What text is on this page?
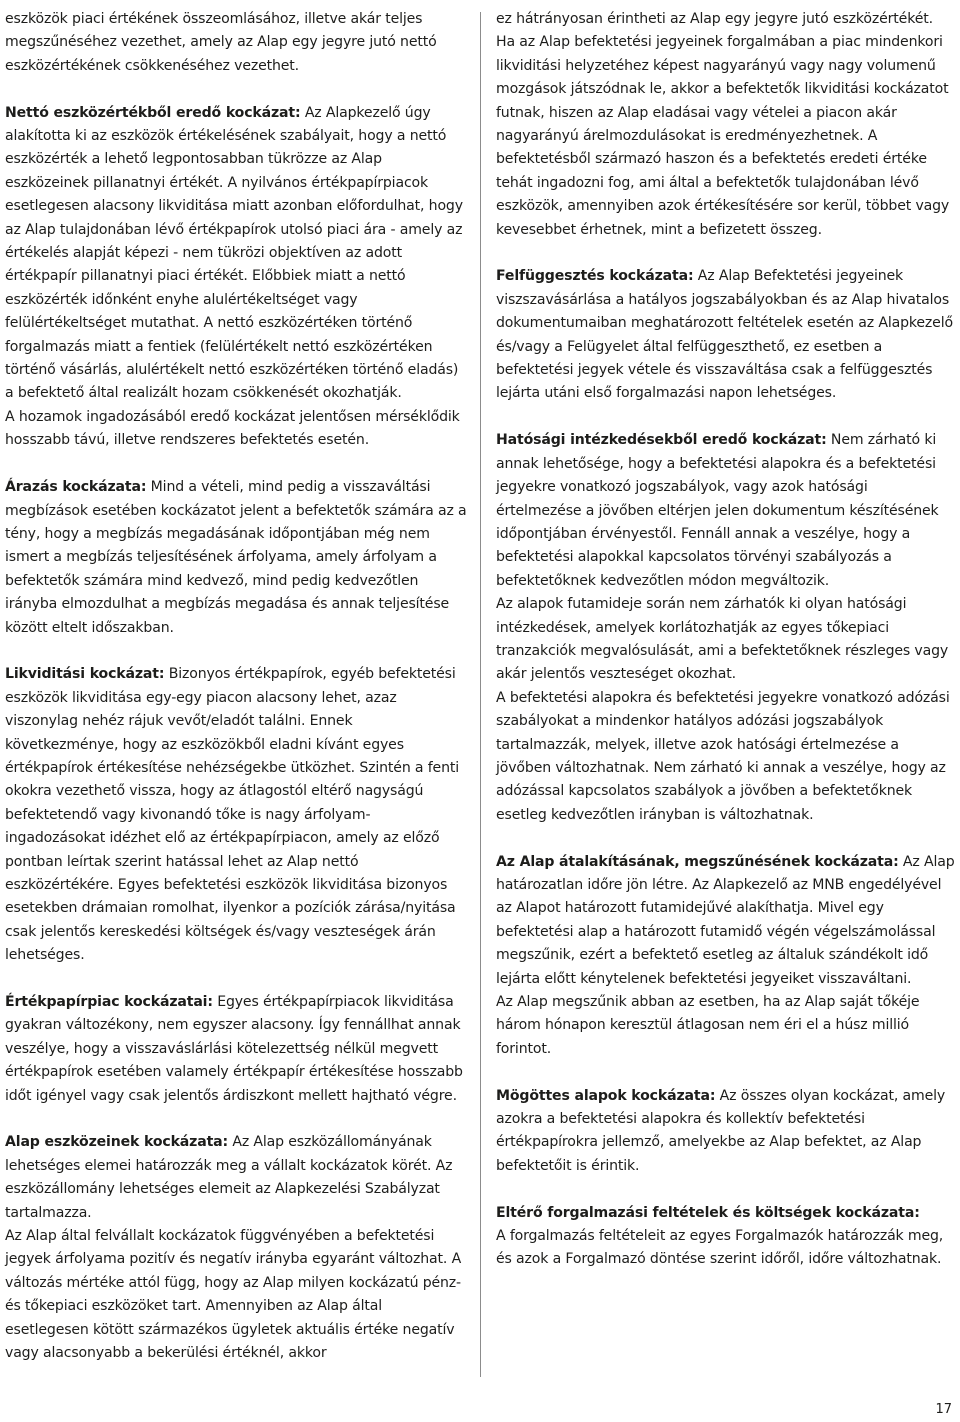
eszközök piaci értékének összeomlásához, illetve akár teljes megszűnéséhez vezethet, amely az Alap egy jegyre jutó nettó eszközértékének csökkenéséhez vezethet.

Nettó eszközértékből eredő kockázat: Az Alapkezelő úgy alakította ki az eszközök értékelésének szabályait, hogy a nettó eszközérték a lehető legpontosabban tükrözze az Alap eszközeinek pillanatnyi értékét. A nyilvános értékpapírpiacok esetlegesen alacsony likviditása miatt azonban előfordulhat, hogy az Alap tulajdonában lévő értékpapírok utolsó piaci ára - amely az értékelés alapját képezi - nem tükrözi objektíven az adott értékpapír pillanatnyi piaci értékét. Előbbiek miatt a nettó eszközérték időnként enyhe alulértékeltséget vagy felülértékeltséget mutathat. A nettó eszközértéken történő forgalmazás miatt a fentiek (felülértékelt nettó eszközértéken történő vásárlás, alulértékelt nettó eszközértéken történő eladás) a befektető által realizált hozam csökkenését okozhatják.

A hozamok ingadozásából eredő kockázat jelentősen mérséklődik hosszabb távú, illetve rendszeres befektetés esetén.

Árazás kockázata: Mind a vételi, mind pedig a visszaváltási megbízások esetében kockázatot jelent a befektetők számára az a tény, hogy a megbízás megadásának időpontjában még nem ismert a megbízás teljesítésének árfolyama, amely árfolyam a befektetők számára mind kedvező, mind pedig kedvezőtlen irányba elmozdulhat a megbízás megadása és annak teljesítése között eltelt időszakban.

Likviditási kockázat: Bizonyos értékpapírok, egyéb befektetési eszközök likviditása egy-egy piacon alacsony lehet, azaz viszonylag nehéz rájuk vevőt/eladót találni. Ennek következménye, hogy az eszközökből eladni kívánt egyes értékpapírok értékesítése nehézségekbe ütközhet. Szintén a fenti okokra vezethető vissza, hogy az átlagostól eltérő nagyságú befektetendő vagy kivonandó tőke is nagy árfolyam-ingadozásokat idézhet elő az értékpapírpiacon, amely az előző pontban leírtak szerint hatással lehet az Alap nettó eszközértékére. Egyes befektetési eszközök likviditása bizonyos esetekben drámaian romolhat, ilyenkor a pozíciók zárása/nyitása csak jelentős kereskedési költségek és/vagy veszteségek árán lehetséges.

Értékpapírpiac kockázatai: Egyes értékpapírpiacok likviditása gyakran változékony, nem egyszer alacsony. Így fennállhat annak veszélye, hogy a visszaváslárlási kötelezettség nélkül megvett értékpapírok esetében valamely értékpapír értékesítése hosszabb időt igényel vagy csak jelentős árdiszkont mellett hajtható végre.

Alap eszközeinek kockázata: Az Alap eszközállományának lehetséges elemei határozzák meg a vállalt kockázatok körét. Az eszközállomány lehetséges elemeit az Alapkezelési Szabályzat tartalmazza.

Az Alap által felvállalt kockázatok függvényében a befektetési jegyek árfolyama pozitív és negatív irányba egyaránt változhat. A változás mértéke attól függ, hogy az Alap milyen kockázatú pénz- és tőkepiaci eszközöket tart. Amennyiben az Alap által esetlegesen kötött származékos ügyletek aktuális értéke negatív vagy alacsonyabb a bekerülési értéknél, akkor

ez hátrányosan érintheti az Alap egy jegyre jutó eszközértékét. Ha az Alap befektetési jegyeinek forgalmában a piac mindenkori likviditási helyzetéhez képest nagyarányú vagy nagy volumenű mozgások játszódnak le, akkor a befektetők likviditási kockázatot futnak, hiszen az Alap eladásai vagy vételei a piacon akár nagyarányú árelmozdulásokat is eredményezhetnek. A befektetésből származó haszon és a befektetés eredeti értéke tehát ingadozni fog, ami által a befektetők tulajdonában lévő eszközök, amennyiben azok értékesítésére sor kerül, többet vagy kevesebbet érhetnek, mint a befizetett összeg.

Felfüggesztés kockázata: Az Alap Befektetési jegyeinek viszszavásárlása a hatályos jogszabályokban és az Alap hivatalos dokumentumaiban meghatározott feltételek esetén az Alapkezelő és/vagy a Felügyelet által felfüggeszthető, ez esetben a befektetési jegyek vétele és visszaváltása csak a felfüggesztés lejárta utáni első forgalmazási napon lehetséges.

Hatósági intézkedésekből eredő kockázat: Nem zárható ki annak lehetősége, hogy a befektetési alapokra és a befektetési jegyekre vonatkozó jogszabályok, vagy azok hatósági értelmezése a jövőben eltérjen jelen dokumentum készítésének időpontjában érvényestől. Fennáll annak a veszélye, hogy a befektetési alapokkal kapcsolatos törvényi szabályozás a befektetőknek kedvezőtlen módon megváltozik.

Az alapok futamideje során nem zárhatók ki olyan hatósági intézkedések, amelyek korlátozhatják az egyes tőkepiaci tranzakciók megvalósulását, ami a befektetőknek részleges vagy akár jelentős veszteséget okozhat.

A befektetési alapokra és befektetési jegyekre vonatkozó adózási szabályokat a mindenkor hatályos adózási jogszabályok tartalmazzák, melyek, illetve azok hatósági értelmezése a jövőben változhatnak. Nem zárható ki annak a veszélye, hogy az adózással kapcsolatos szabályok a jövőben a befektetőknek esetleg kedvezőtlen irányban is változhatnak.

Az Alap átalakításának, megszűnésének kockázata: Az Alap határozatlan időre jön létre. Az Alapkezelő az MNB engedélyével az Alapot határozott futamidejűvé alakíthatja. Mivel egy befektetési alap a határozott futamidő végén végelszámolással megszűnik, ezért a befektető esetleg az általuk szándékolt idő lejárta előtt kénytelenek befektetési jegyeiket visszaváltani.

Az Alap megszűnik abban az esetben, ha az Alap saját tőkéje három hónapon keresztül átlagosan nem éri el a húsz millió forintot.

Mögöttes alapok kockázata: Az összes olyan kockázat, amely azokra a befektetési alapokra és kollektív befektetési értékpapírokra jellemző, amelyekbe az Alap befektet, az Alap befektetőit is érintik.

Eltérő forgalmazási feltételek és költségek kockázata:

A forgalmazás feltételeit az egyes Forgalmazók határozzák meg, és azok a Forgalmazó döntése szerint időről, időre változhatnak.

17
